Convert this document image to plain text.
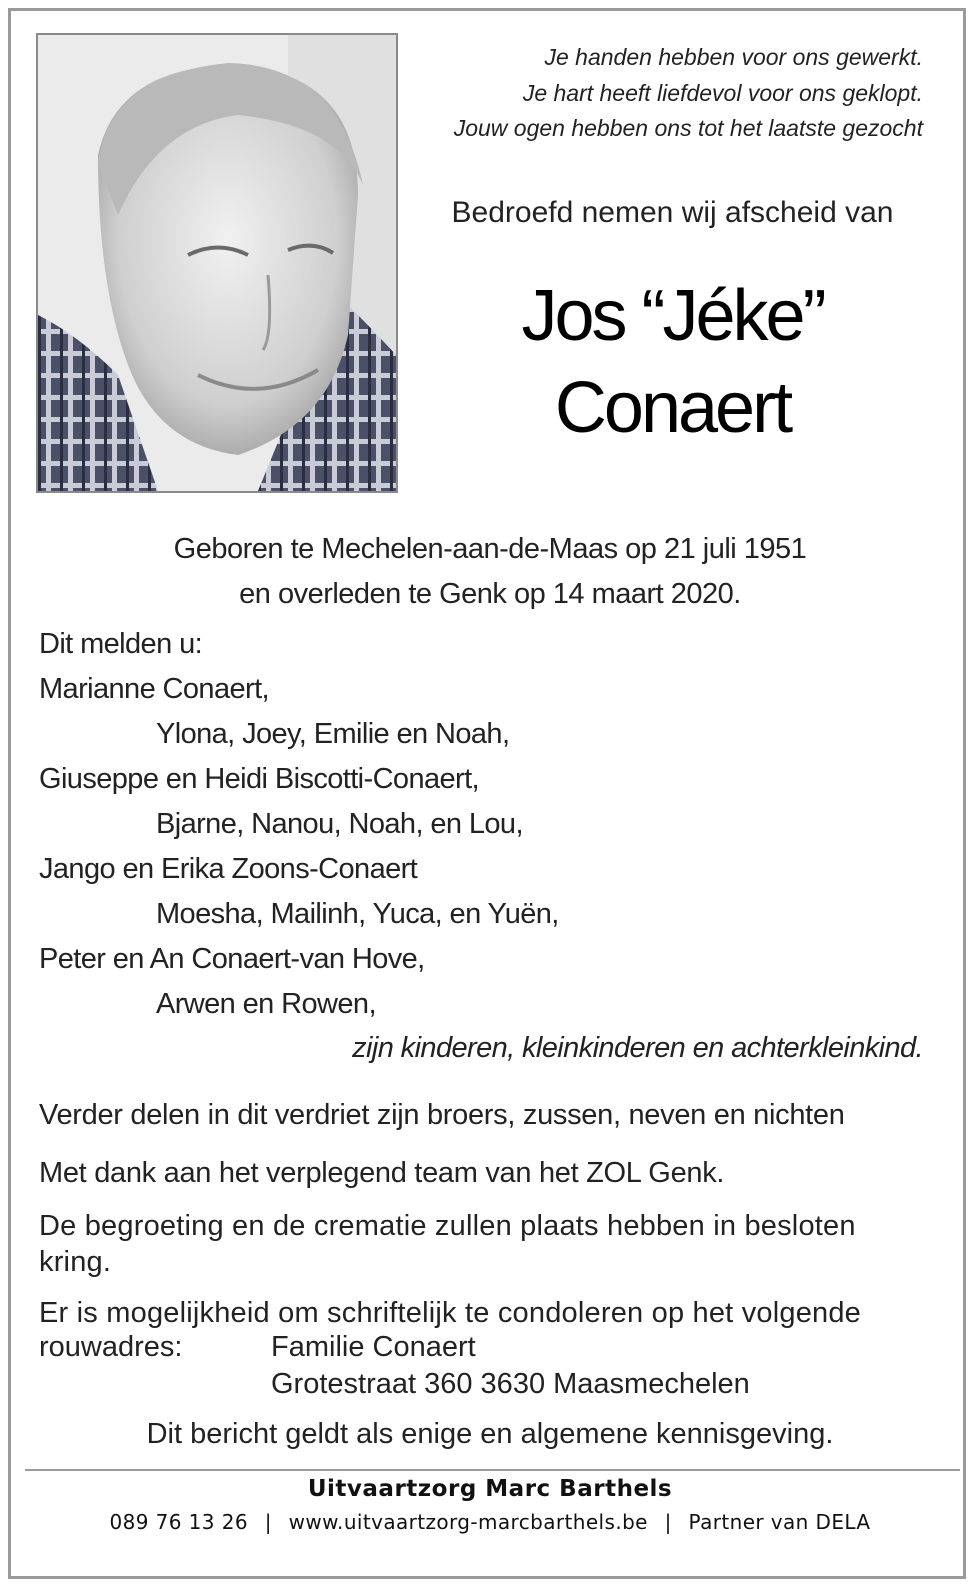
Je handen hebben voor ons gewerkt.
Je hart heeft liefdevol voor ons geklopt.
Jouw ogen hebben ons tot het laatste gezocht
Bedroefd nemen wij afscheid van
Jos “Jéke”
Conaert
Geboren te Mechelen-aan-de-Maas op 21 juli 1951
en overleden te Genk op 14 maart 2020.
Dit melden u:
Marianne Conaert,
Ylona, Joey, Emilie en Noah,
Giuseppe en Heidi Biscotti-Conaert,
Bjarne, Nanou, Noah, en Lou,
Jango en Erika Zoons-Conaert
Moesha, Mailinh, Yuca, en Yuën,
Peter en An Conaert-van Hove,
Arwen en Rowen,
zijn kinderen, kleinkinderen en achterkleinkind.
Verder delen in dit verdriet zijn broers, zussen, neven en nichten
Met dank aan het verplegend team van het ZOL Genk.
De begroeting en de crematie zullen plaats hebben in besloten kring.
Er is mogelijkheid om schriftelijk te condoleren op het volgende
rouwadres:	Familie Conaert
Grotestraat 360 3630 Maasmechelen
Dit bericht geldt als enige en algemene kennisgeving.
Uitvaartzorg Marc Barthels
089 76 13 26 | www.uitvaartzorg-marcbarthels.be | Partner van DELA
